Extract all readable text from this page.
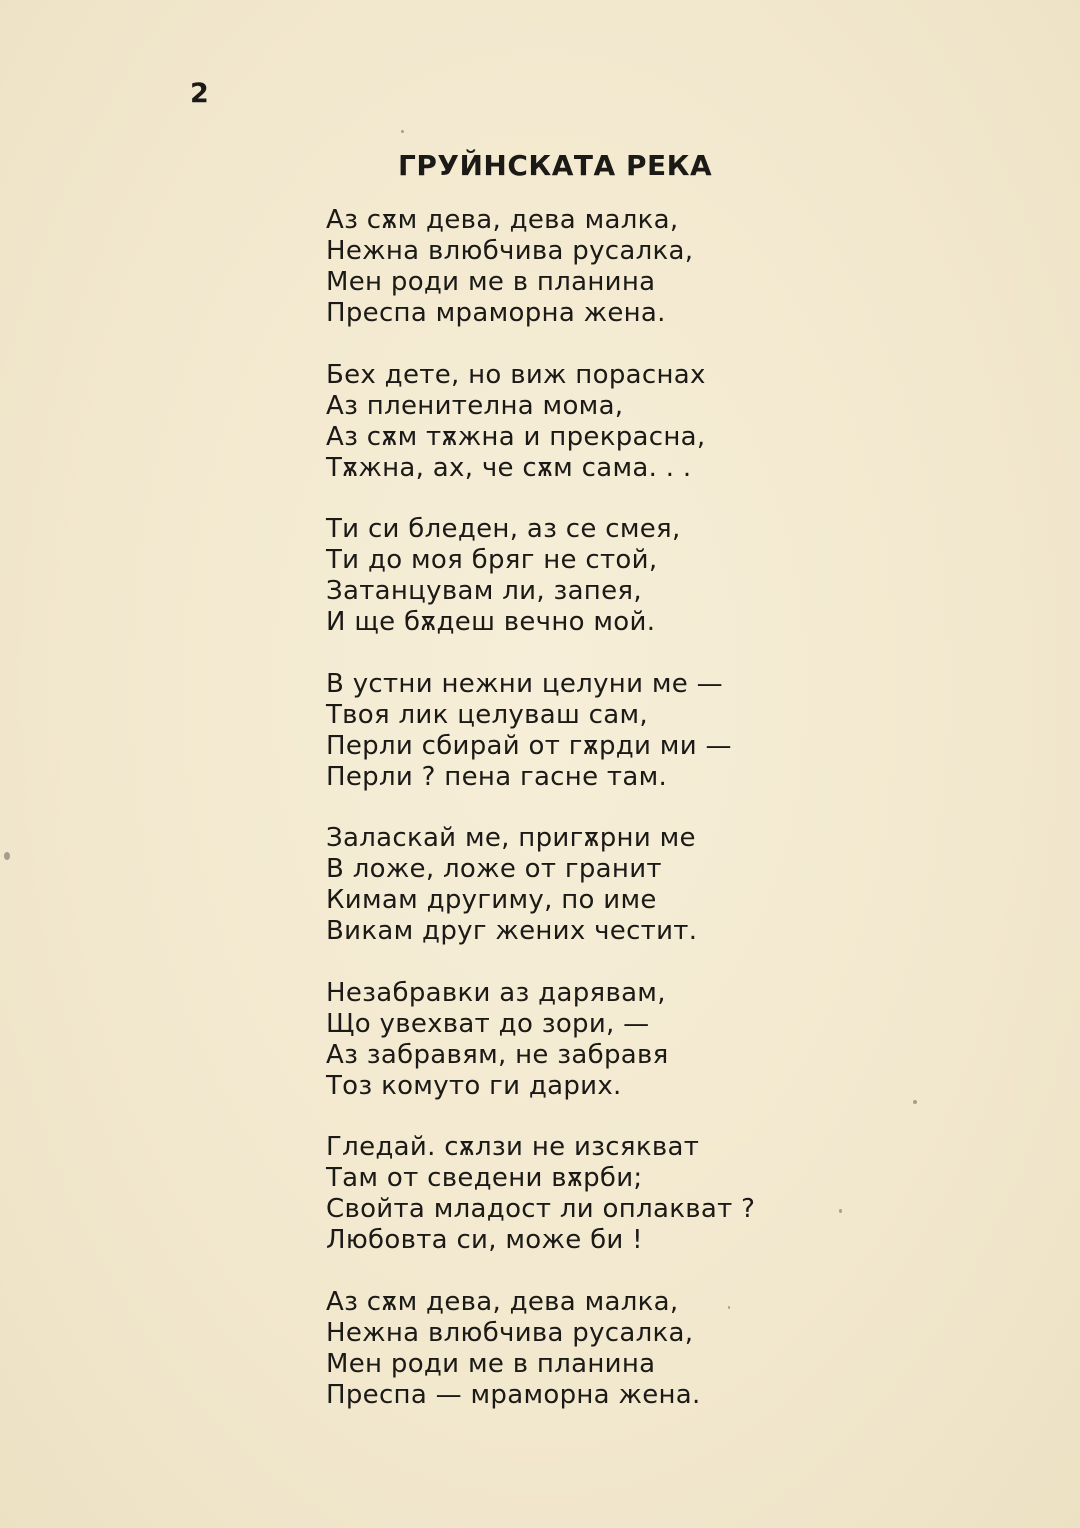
2
ГРУЙНСКАТА РЕКА
Аз сѫм дева, дева малка,
Нежна влюбчива русалка,
Мен роди ме в планина
Преспа мраморна жена.
Бех дете, но виж пораснах
Аз пленителна мома,
Аз сѫм тѫжна и прекрасна,
Тѫжна, ах, че сѫм сама. . .
Ти си бледен, аз се смея,
Ти до моя бряг не стой,
Затанцувам ли, запея,
И ще бѫдеш вечно мой.
В устни нежни целуни ме —
Твоя лик целуваш сам,
Перли сбирай от гѫрди ми —
Перли ? пена гасне там.
Заласкай ме, пригѫрни ме
В ложе, ложе от гранит
Кимам другиму, по име
Викам друг жених честит.
Незабравки аз дарявам,
Що увехват до зори, —
Аз забравям, не забравя
Тоз комуто ги дарих.
Гледай. сѫлзи не изсякват
Там от сведени вѫрби;
Свойта младост ли оплакват ?
Любовта си, може би !
Аз сѫм дева, дева малка,
Нежна влюбчива русалка,
Мен роди ме в планина
Преспа — мраморна жена.
